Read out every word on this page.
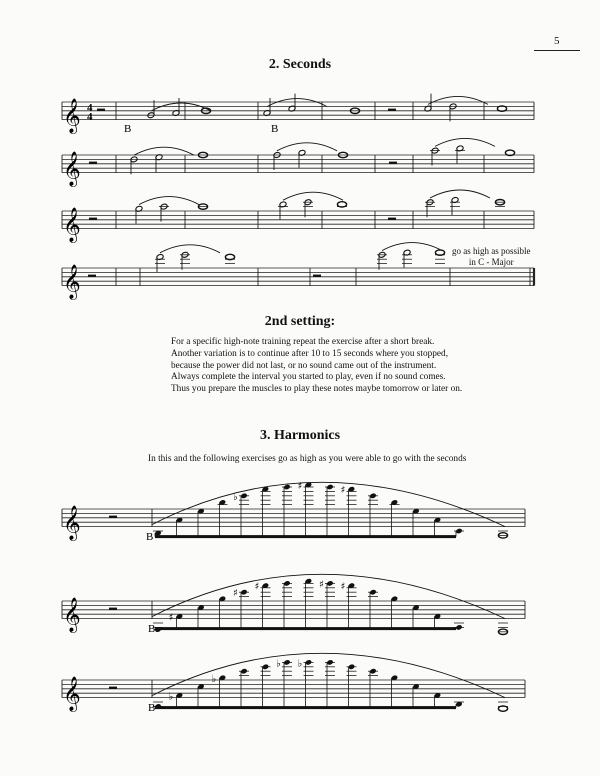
5
2. Seconds
2nd setting:
3. Harmonics
For a specific high-note training repeat the exercise after a short break.
Another variation is to continue after 10 to 15 seconds where you stopped,
because the power did not last, or no sound came out of the instrument.
Always complete the interval you started to play, even if no sound comes.
Thus you prepare the muscles to play these notes maybe tomorrow or later on.
In this and the following exercises go as high as you were able to go with the seconds
go as high as possible
in C - Major
𝄞 4
4
𝄞
𝄞
𝄞
B	B
𝄞
♭
♯	♯
B
𝄞	♯
♯
♯	♯ ♯
B
𝄞	♭
♭
♭ ♭
B
